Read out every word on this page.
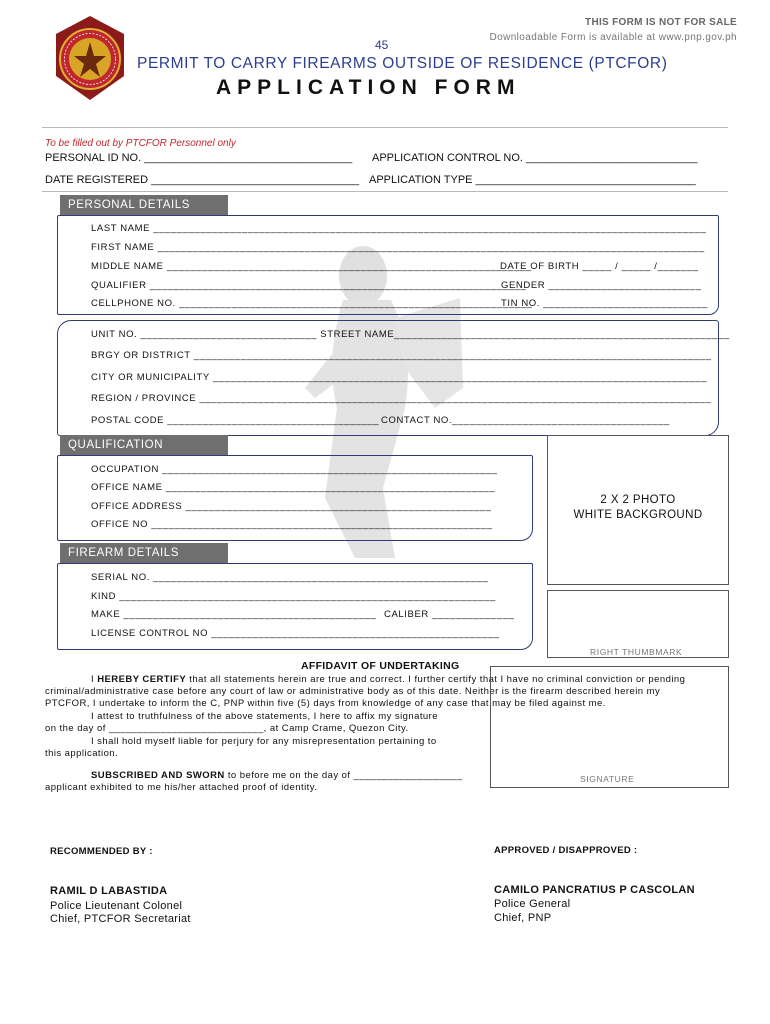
THIS FORM IS NOT FOR SALE
Downloadable Form is available at www.pnp.gov.ph
45
PERMIT TO CARRY FIREARMS OUTSIDE OF RESIDENCE (PTCFOR)
APPLICATION FORM
To be filled out by PTCFOR Personnel only
PERSONAL ID NO. __________________________________ APPLICATION CONTROL NO. ____________________________
DATE REGISTERED __________________________________ APPLICATION TYPE ____________________________________
PERSONAL DETAILS
LAST NAME ______________________________________________________________________________________________
FIRST NAME _____________________________________________________________________________________________
MIDDLE NAME ______________________________________________________________
DATE OF BIRTH _____ / _____ /_______
QUALIFIER ________________________________________________________________
GENDER __________________________
CELLPHONE NO. ____________________________________________________________
TIN NO. ____________________________
UNIT NO. ______________________________ STREET NAME_________________________________________________________
BRGY OR DISTRICT ________________________________________________________________________________________
CITY OR MUNICIPALITY ____________________________________________________________________________________
REGION / PROVINCE _______________________________________________________________________________________
POSTAL CODE ____________________________________ CONTACT NO._____________________________________
QUALIFICATION
OCCUPATION _________________________________________________________
OFFICE NAME ________________________________________________________
OFFICE ADDRESS ____________________________________________________
OFFICE NO __________________________________________________________
2 X 2 PHOTO
WHITE BACKGROUND
FIREARM DETAILS
SERIAL NO. _________________________________________________________
KIND ________________________________________________________________
MAKE ___________________________________________ CALIBER ______________
LICENSE CONTROL NO _________________________________________________
RIGHT THUMBMARK
AFFIDAVIT OF UNDERTAKING
I HEREBY CERTIFY that all statements herein are true and correct. I further certify that I have no criminal conviction or pending
criminal/administrative case before any court of law or administrative body as of this date. Neither is the firearm described herein my
PTCFOR, I undertake to inform the C, PNP within five (5) days from knowledge of any case that may be filed against me.
I attest to truthfulness of the above statements, I here to affix my signature
on the day of ___________________________, at Camp Crame, Quezon City.
I shall hold myself liable for perjury for any misrepresentation pertaining to
this application.
SUBSCRIBED AND SWORN to before me on the day of ___________________
applicant exhibited to me his/her attached proof of identity.
SIGNATURE
RECOMMENDED BY :	APPROVED / DISAPPROVED :
RAMIL D LABASTIDA
Police Lieutenant Colonel
Chief, PTCFOR Secretariat
CAMILO PANCRATIUS P CASCOLAN
Police General
Chief, PNP
